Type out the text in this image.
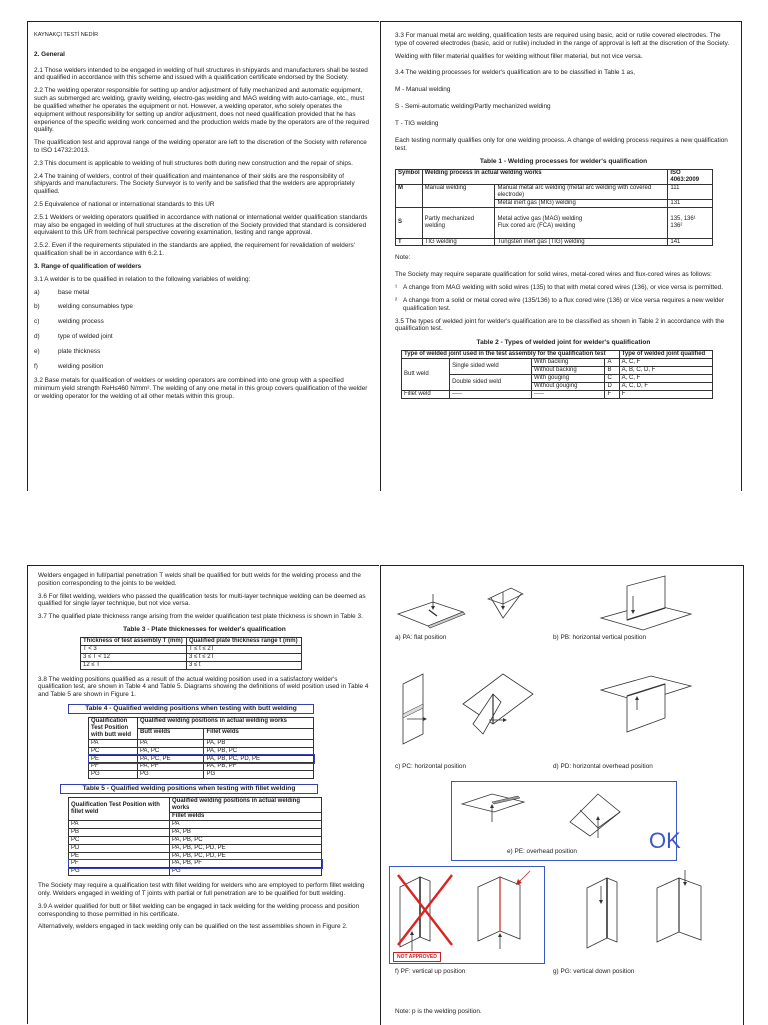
KAYNAKÇI TESTİ NEDİR

2. General

2.1 Those welders intended to be engaged in welding of hull structures in shipyards and manufacturers shall be tested and qualified in accordance with this scheme and issued with a qualification certificate endorsed by the Society.

2.2 The welding operator responsible for setting up and/or adjustment of fully mechanized and automatic equipment, such as submerged arc welding, gravity welding, electro-gas welding and MAG welding with auto-carriage, etc., must be qualified whether he operates the equipment or not. However, a welding operator, who solely operates the equipment without responsibility for setting up and/or adjustment, does not need qualification provided that he has experience of the specific welding work concerned and the production welds made by the operators are of the required quality.

The qualification test and approval range of the welding operator are left to the discretion of the Society with reference to ISO 14732:2013.

2.3 This document is applicable to welding of hull structures both during new construction and the repair of ships.

2.4 The training of welders, control of their qualification and maintenance of their skills are the responsibility of shipyards and manufacturers. The Society Surveyor is to verify and be satisfied that the welders are appropriately qualified.

2.5 Equivalence of national or international standards to this UR

2.5.1 Welders or welding operators qualified in accordance with national or international welder qualification standards may also be engaged in welding of hull structures at the discretion of the Society provided that standard is considered equivalent to this UR from technical perspective covering examination, testing and range approval.

2.5.2. Even if the requirements stipulated in the standards are applied, the requirement for revalidation of welders' qualification shall be in accordance with 6.2.1.

3. Range of qualification of welders

3.1 A welder is to be qualified in relation to the following variables of welding:

a)	base metal

b)	welding consumables type

c)	welding process

d)	type of welded joint

e)	plate thickness

f)	welding position

3.2 Base metals for qualification of welders or welding operators are combined into one group with a specified minimum yield strength ReH≤460 N/mm². The welding of any one metal in this group covers qualification of the welder or welding operator for the welding of all other metals within this group.

3.3 For manual metal arc welding, qualification tests are required using basic, acid or rutile covered electrodes. The type of covered electrodes (basic, acid or rutile) included in the range of approval is left at the discretion of the Society.

Welding with filler material qualifies for welding without filler material, but not vice versa.

3.4 The welding processes for welder's qualification are to be classified in Table 1 as,

M - Manual welding

S - Semi-automatic welding/Partly mechanized welding

T - TIG welding

Each testing normally qualifies only for one welding process. A change of welding process requires a new qualification test.

Table 1 - Welding processes for welder's qualification
Symbol	Welding process in actual welding works		ISO 4063:2009
M	Manual welding	Manual metal arc welding (metal arc welding with covered electrode)	111
		Metal inert gas (MIG) welding	131
S	Partly mechanized welding	Metal active gas (MAG) welding	135, 136¹
		Flux cored arc (FCA) welding	136²
T	TIG welding	Tungsten inert gas (TIG) welding	141

Note:

The Society may require separate qualification for solid wires, metal-cored wires and flux-cored wires as follows:

¹ A change from MAG welding with solid wires (135) to that with metal cored wires (136), or vice versa is permitted.

² A change from a solid or metal cored wire (135/136) to a flux cored wire (136) or vice versa requires a new welder qualification test.

3.5 The types of welded joint for welder's qualification are to be classified as shown in Table 2 in accordance with the qualification test.

Table 2 - Types of welded joint for welder's qualification
Type of welded joint used in the test assembly for the qualification test				Type of welded joint qualified
Butt weld	Single sided weld	With backing	A	A, C, F
		Without backing	B	A, B, C, D, F
	Double sided weld	With gouging	C	A, C, F
		Without gouging	D	A, C, D, F
Fillet weld	-----	-----	F	F

Welders engaged in full/partial penetration T welds shall be qualified for butt welds for the welding process and the position corresponding to the joints to be welded.

3.6 For fillet welding, welders who passed the qualification tests for multi-layer technique welding can be deemed as qualified for single layer technique, but not vice versa.

3.7 The qualified plate thickness range arising from the welder qualification test plate thickness is shown in Table 3.

Table 3 - Plate thicknesses for welder's qualification
Thickness of test assembly T (mm)	Qualified plate thickness range t (mm)
T < 3	T ≤ t ≤ 2T
3 ≤ T < 12	3 ≤ t ≤ 2T
12 ≤ T	3 ≤ t

3.8 The welding positions qualified as a result of the actual welding position used in a satisfactory welder's qualification test, are shown in Table 4 and Table 5. Diagrams showing the definitions of weld position used in Table 4 and Table 5 are shown in Figure 1.

Table 4 - Qualified welding positions when testing with butt welding
Qualification Test Position with butt weld	Qualified welding positions in actual welding works	
	Butt welds	Fillet welds
PA	PA	PA, PB
PC	PA, PC	PA, PB, PC
PE	PA, PC, PE	PA, PB, PC, PD, PE
PF	PA, PF	PA, PB, PF
PG	PG	PG
Table 5 - Qualified welding positions when testing with fillet welding
Qualification Test Position with fillet weld	Qualified welding positions in actual welding works
	Fillet welds
PA	PA
PB	PA, PB
PC	PA, PB, PC
PD	PA, PB, PC, PD, PE
PE	PA, PB, PC, PD, PE
PF	PA, PB, PF
PG	PG

The Society may require a qualification test with fillet welding for welders who are employed to perform fillet welding only. Welders engaged in welding of T joints with partial or full penetration are to be qualified for butt welding.

3.9 A welder qualified for butt or fillet welding can be engaged in tack welding for the welding process and position corresponding to those permitted in his certificate.

Alternatively, welders engaged in tack welding only can be qualified on the test assemblies shown in Figure 2.

a) PA: flat position	b) PB: horizontal vertical position
c) PC: horizontal position	d) PD: horizontal overhead position
e) PE: overhead position	OK
NOT APPROVED
f) PF: vertical up position	g) PG: vertical down position
Note: p is the welding position.
